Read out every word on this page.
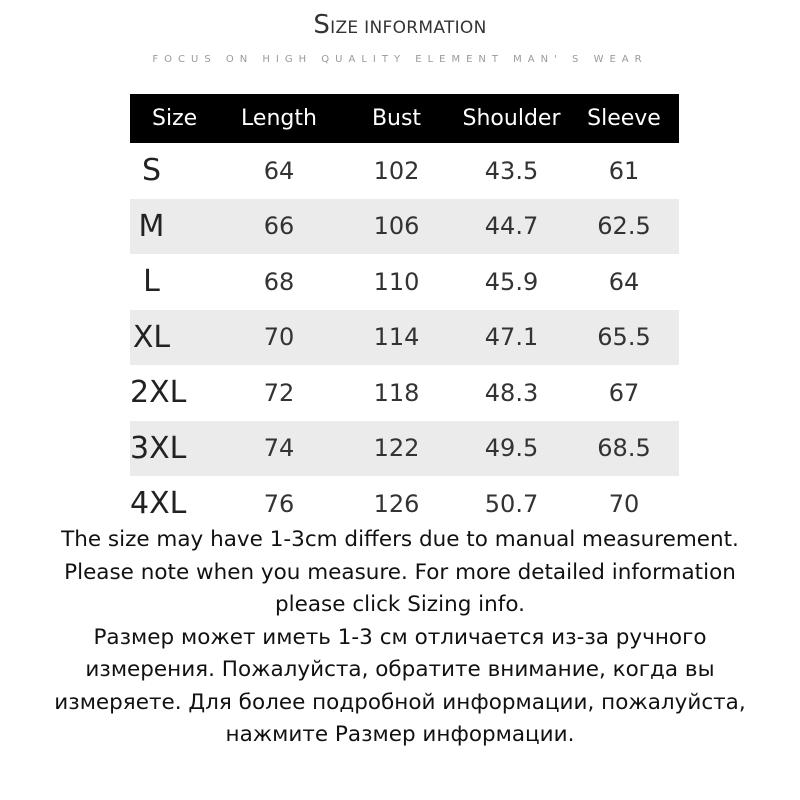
SIZE INFORMATION
FOCUS ON HIGH QUALITY ELEMENT MAN' S WEAR
Size	Length	Bust	Shoulder	Sleeve
S	64	102	43.5	61
M	66	106	44.7	62.5
L	68	110	45.9	64
XL	70	114	47.1	65.5
2XL	72	118	48.3	67
3XL	74	122	49.5	68.5
4XL	76	126	50.7	70
The size may have 1-3cm differs due to manual measurement.
Please note when you measure. For more detailed information
please click Sizing info.
Размер может иметь 1-3 см отличается из-за ручного
измерения. Пожалуйста, обратите внимание, когда вы
измеряете. Для более подробной информации, пожалуйста,
нажмите Размер информации.
